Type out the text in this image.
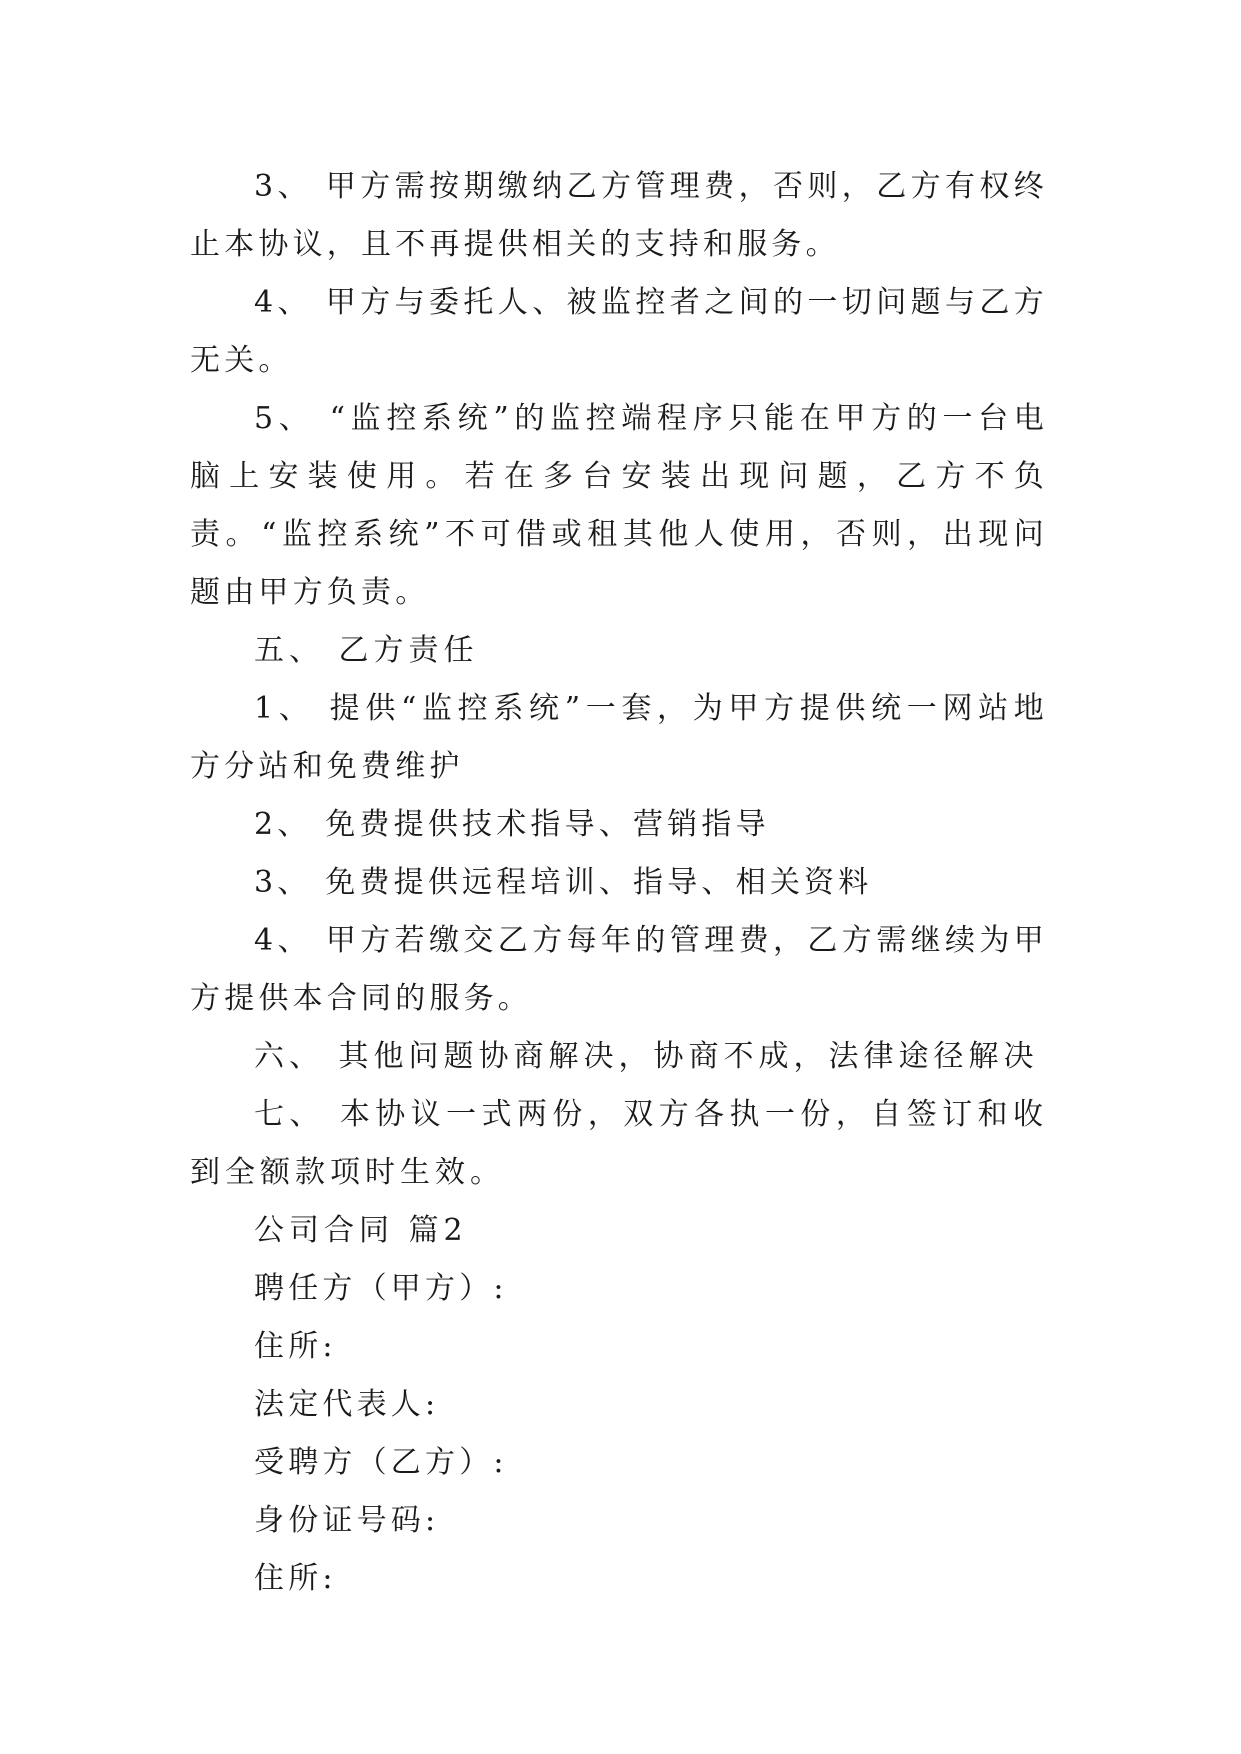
3、 甲方需按期缴纳乙方管理费，否则，乙方有权终止本协议，且不再提供相关的支持和服务。

4、 甲方与委托人、被监控者之间的一切问题与乙方无关。

5、 “监控系统”的监控端程序只能在甲方的一台电脑上安装使用。若在多台安装出现问题，乙方不负责。“监控系统”不可借或租其他人使用，否则，出现问题由甲方负责。

五、 乙方责任

1、 提供“监控系统”一套，为甲方提供统一网站地方分站和免费维护

2、 免费提供技术指导、营销指导

3、 免费提供远程培训、指导、相关资料

4、 甲方若缴交乙方每年的管理费，乙方需继续为甲方提供本合同的服务。

六、 其他问题协商解决，协商不成，法律途径解决

七、 本协议一式两份，双方各执一份，自签订和收到全额款项时生效。

公司合同 篇2

聘任方（甲方）:

住所:

法定代表人:

受聘方（乙方）:

身份证号码:

住所:
